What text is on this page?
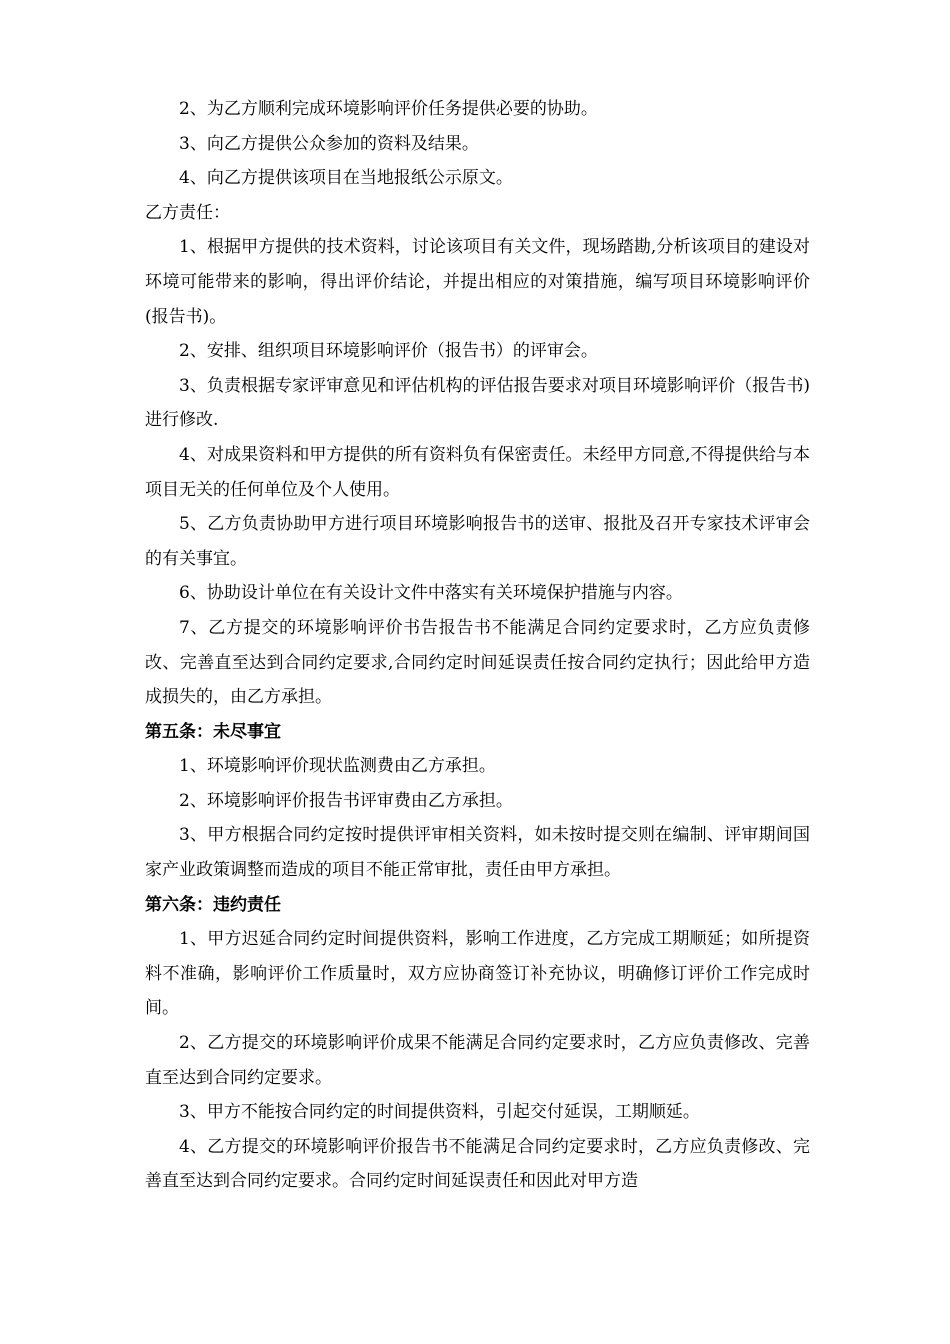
2、为乙方顺利完成环境影响评价任务提供必要的协助。

3、向乙方提供公众参加的资料及结果。

4、向乙方提供该项目在当地报纸公示原文。

乙方责任：

1、根据甲方提供的技术资料，讨论该项目有关文件，现场踏勘,分析该项目的建设对环境可能带来的影响，得出评价结论，并提出相应的对策措施，编写项目环境影响评价(报告书)。

2、安排、组织项目环境影响评价（报告书）的评审会。

3、负责根据专家评审意见和评估机构的评估报告要求对项目环境影响评价（报告书)进行修改.

4、对成果资料和甲方提供的所有资料负有保密责任。未经甲方同意,不得提供给与本项目无关的任何单位及个人使用。

5、乙方负责协助甲方进行项目环境影响报告书的送审、报批及召开专家技术评审会的有关事宜。

6、协助设计单位在有关设计文件中落实有关环境保护措施与内容。

7、乙方提交的环境影响评价书告报告书不能满足合同约定要求时，乙方应负责修改、完善直至达到合同约定要求,合同约定时间延误责任按合同约定执行；因此给甲方造成损失的，由乙方承担。

第五条：未尽事宜

1、环境影响评价现状监测费由乙方承担。

2、环境影响评价报告书评审费由乙方承担。

3、甲方根据合同约定按时提供评审相关资料，如未按时提交则在编制、评审期间国家产业政策调整而造成的项目不能正常审批，责任由甲方承担。

第六条：违约责任

1、甲方迟延合同约定时间提供资料，影响工作进度，乙方完成工期顺延；如所提资料不准确，影响评价工作质量时，双方应协商签订补充协议，明确修订评价工作完成时间。

2、乙方提交的环境影响评价成果不能满足合同约定要求时，乙方应负责修改、完善直至达到合同约定要求。

3、甲方不能按合同约定的时间提供资料，引起交付延误，工期顺延。

4、乙方提交的环境影响评价报告书不能满足合同约定要求时，乙方应负责修改、完善直至达到合同约定要求。合同约定时间延误责任和因此对甲方造
